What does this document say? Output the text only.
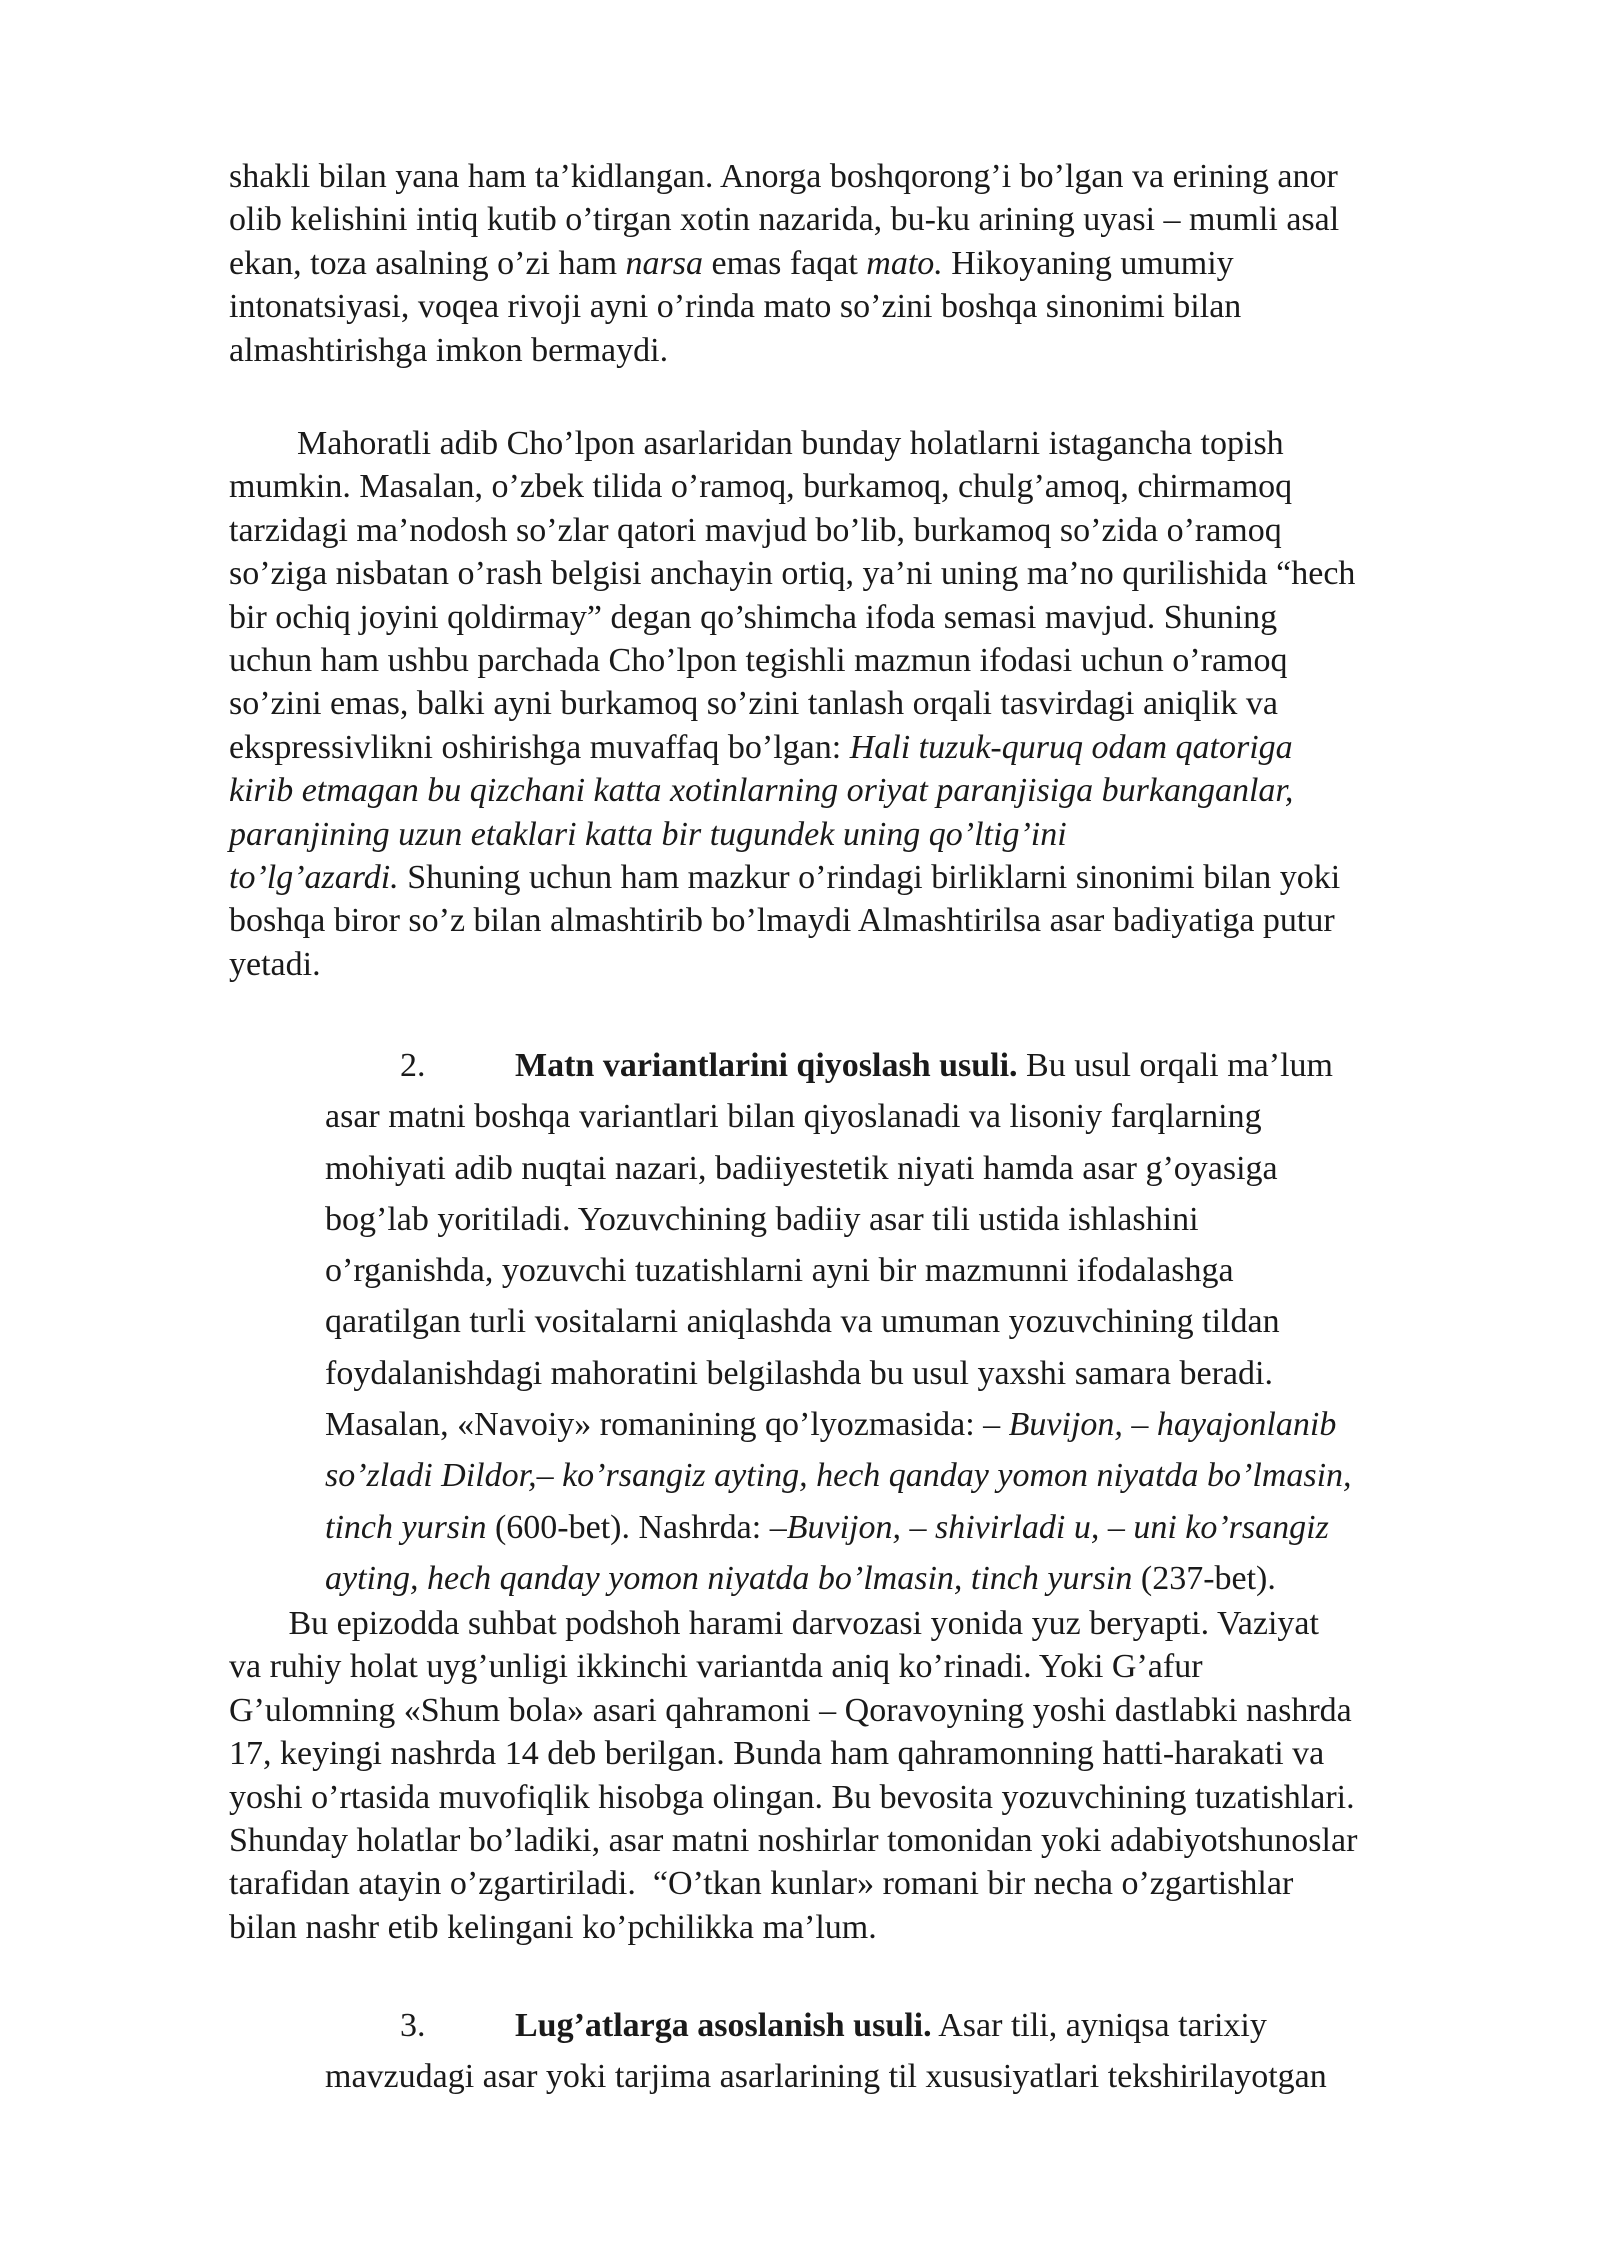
shakli bilan yana ham ta’kidlangan. Anorga boshqorong’i bo’lgan va erining anor
olib kelishini intiq kutib o’tirgan xotin nazarida, bu-ku arining uyasi – mumli asal
ekan, toza asalning o’zi ham narsa emas faqat mato. Hikoyaning umumiy
intonatsiyasi, voqea rivoji ayni o’rinda mato so’zini boshqa sinonimi bilan
almashtirishga imkon bermaydi.

Mahoratli adib Cho’lpon asarlaridan bunday holatlarni istagancha topish
mumkin. Masalan, o’zbek tilida o’ramoq, burkamoq, chulg’amoq, chirmamoq
tarzidagi ma’nodosh so’zlar qatori mavjud bo’lib, burkamoq so’zida o’ramoq
so’ziga nisbatan o’rash belgisi anchayin ortiq, ya’ni uning ma’no qurilishida “hech
bir ochiq joyini qoldirmay” degan qo’shimcha ifoda semasi mavjud. Shuning
uchun ham ushbu parchada Cho’lpon tegishli mazmun ifodasi uchun o’ramoq
so’zini emas, balki ayni burkamoq so’zini tanlash orqali tasvirdagi aniqlik va
ekspressivlikni oshirishga muvaffaq bo’lgan: Hali tuzuk-quruq odam qatoriga
kirib etmagan bu qizchani katta xotinlarning oriyat paranjisiga burkanganlar,
paranjining uzun etaklari katta bir tugundek uning qo’ltig’ini
to’lg’azardi. Shuning uchun ham mazkur o’rindagi birliklarni sinonimi bilan yoki
boshqa biror so’z bilan almashtirib bo’lmaydi Almashtirilsa asar badiyatiga putur
yetadi.

2.	Matn variantlarini qiyoslash usuli. Bu usul orqali ma’lum
asar matni boshqa variantlari bilan qiyoslanadi va lisoniy farqlarning
mohiyati adib nuqtai nazari, badiiyestetik niyati hamda asar g’oyasiga
bog’lab yoritiladi. Yozuvchining badiiy asar tili ustida ishlashini
o’rganishda, yozuvchi tuzatishlarni ayni bir mazmunni ifodalashga
qaratilgan turli vositalarni aniqlashda va umuman yozuvchining tildan
foydalanishdagi mahoratini belgilashda bu usul yaxshi samara beradi.
Masalan, «Navoiy» romanining qo’lyozmasida: – Buvijon, – hayajonlanib
so’zladi Dildor,– ko’rsangiz ayting, hech qanday yomon niyatda bo’lmasin,
tinch yursin (600-bet). Nashrda: –Buvijon, – shivirladi u, – uni ko’rsangiz
ayting, hech qanday yomon niyatda bo’lmasin, tinch yursin (237-bet).

Bu epizodda suhbat podshoh harami darvozasi yonida yuz beryapti. Vaziyat
va ruhiy holat uyg’unligi ikkinchi variantda aniq ko’rinadi. Yoki G’afur
G’ulomning «Shum bola» asari qahramoni – Qoravoyning yoshi dastlabki nashrda
17, keyingi nashrda 14 deb berilgan. Bunda ham qahramonning hatti-harakati va
yoshi o’rtasida muvofiqlik hisobga olingan. Bu bevosita yozuvchining tuzatishlari.
Shunday holatlar bo’ladiki, asar matni noshirlar tomonidan yoki adabiyotshunoslar
tarafidan atayin o’zgartiriladi.  “O’tkan kunlar» romani bir necha o’zgartishlar
bilan nashr etib kelingani ko’pchilikka ma’lum.

3.	Lug’atlarga asoslanish usuli. Asar tili, ayniqsa tarixiy
mavzudagi asar yoki tarjima asarlarining til xususiyatlari tekshirilayotgan
